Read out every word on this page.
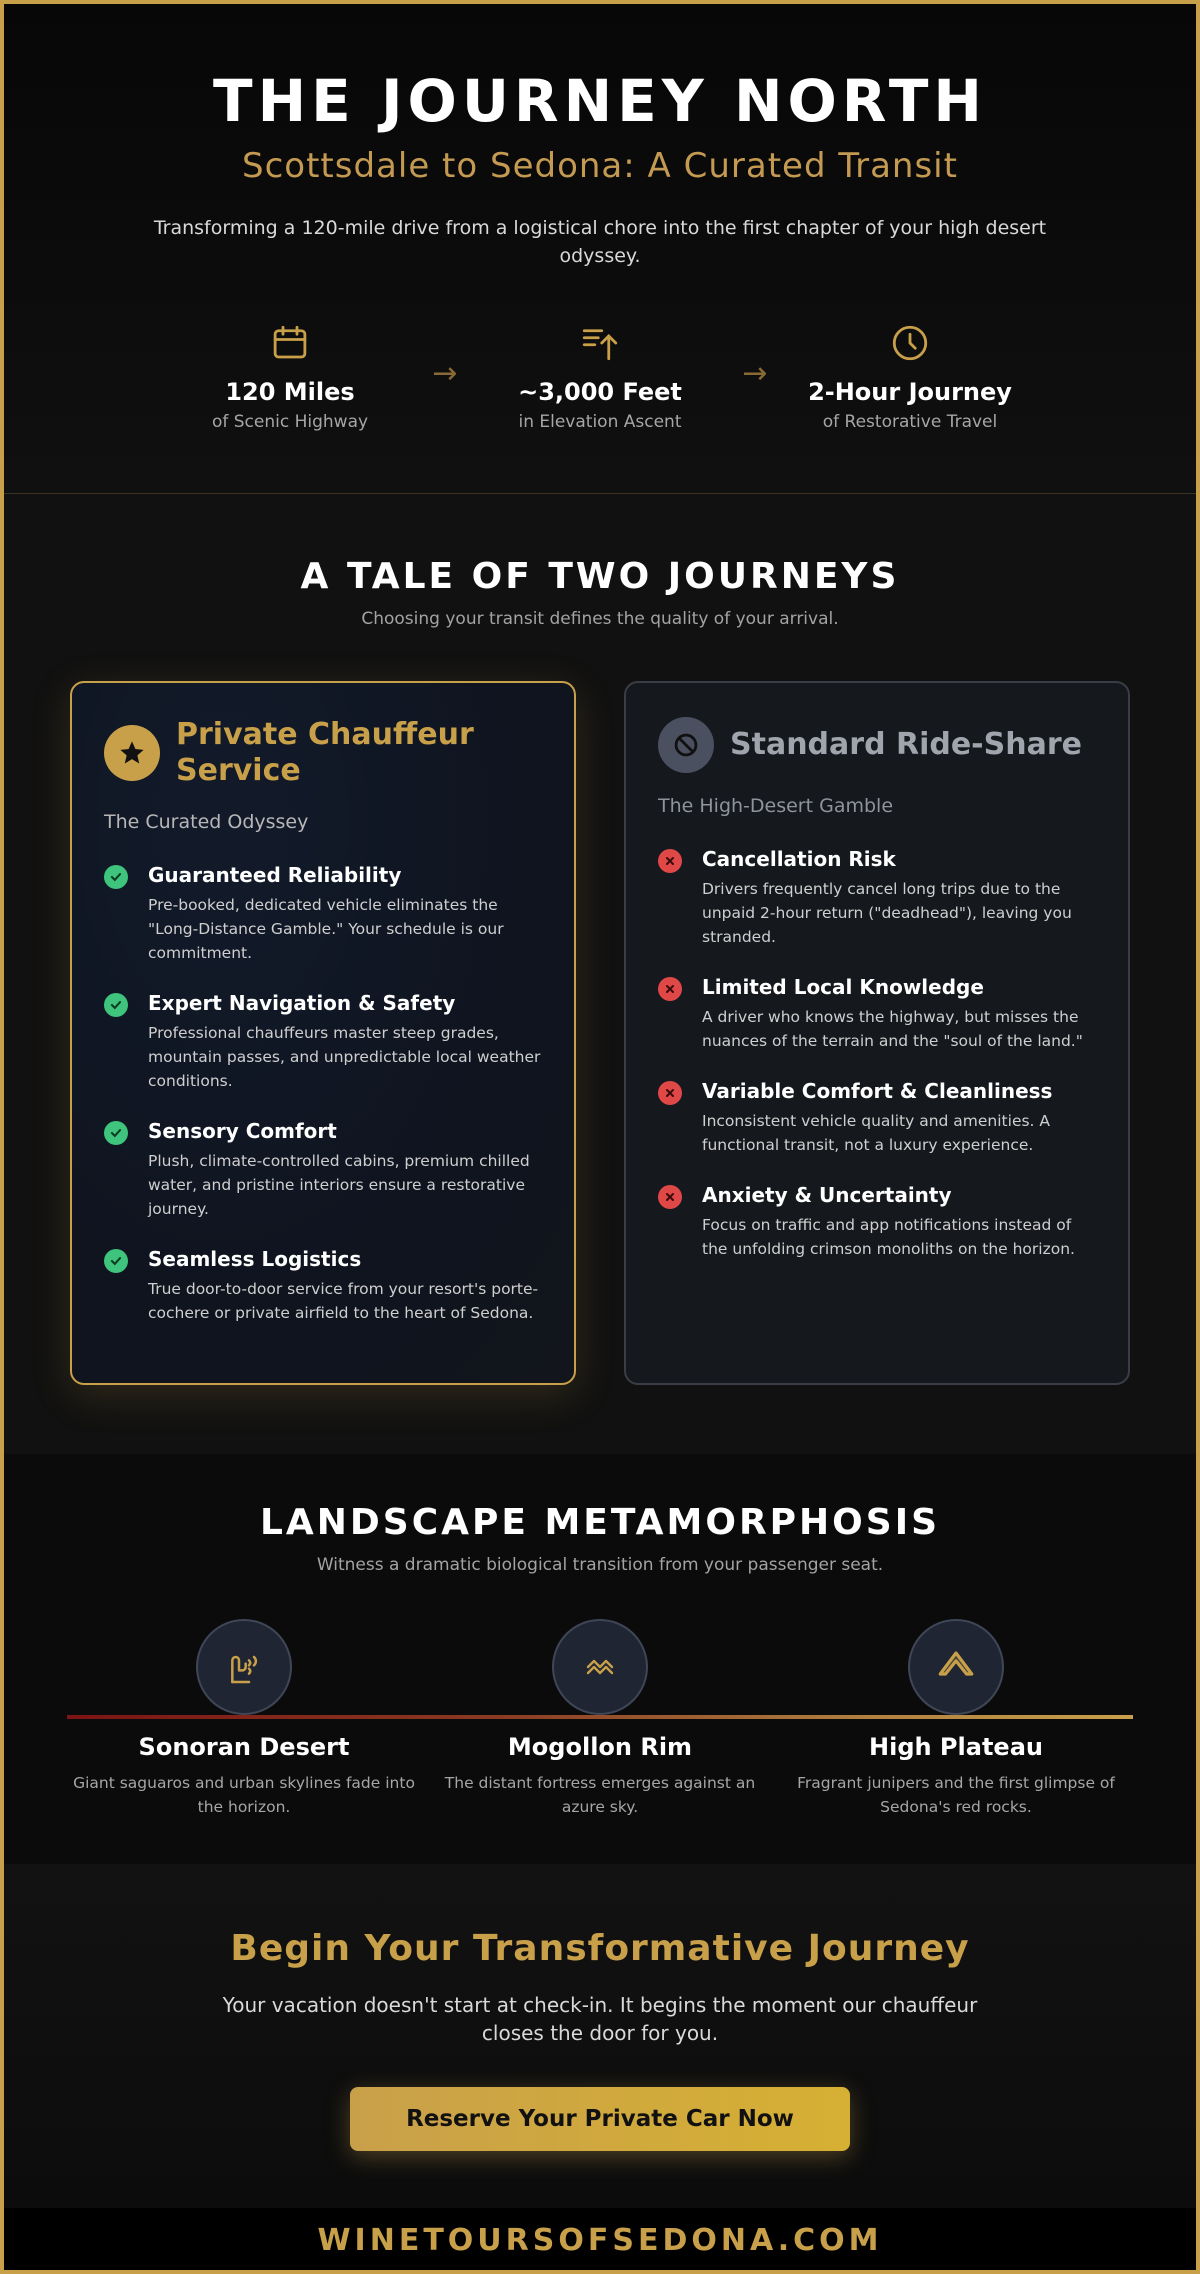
THE JOURNEY NORTH
Scottsdale to Sedona: A Curated Transit

Transforming a 120-mile drive from a logistical chore into the first chapter of your high desert odyssey.

120 Miles
of Scenic Highway
→
~3,000 Feet
in Elevation Ascent
→
2-Hour Journey
of Restorative Travel
A TALE OF TWO JOURNEYS

Choosing your transit defines the quality of your arrival.

Private Chauffeur Service
The Curated Odyssey
Guaranteed Reliability
Pre-booked, dedicated vehicle eliminates the "Long-Distance Gamble." Your schedule is our commitment.
Expert Navigation & Safety
Professional chauffeurs master steep grades, mountain passes, and unpredictable local weather conditions.
Sensory Comfort
Plush, climate-controlled cabins, premium chilled water, and pristine interiors ensure a restorative journey.
Seamless Logistics
True door-to-door service from your resort's porte-cochere or private airfield to the heart of Sedona.
Standard Ride-Share
The High-Desert Gamble
Cancellation Risk
Drivers frequently cancel long trips due to the unpaid 2-hour return ("deadhead"), leaving you stranded.
Limited Local Knowledge
A driver who knows the highway, but misses the nuances of the terrain and the "soul of the land."
Variable Comfort & Cleanliness
Inconsistent vehicle quality and amenities. A functional transit, not a luxury experience.
Anxiety & Uncertainty
Focus on traffic and app notifications instead of the unfolding crimson monoliths on the horizon.
LANDSCAPE METAMORPHOSIS

Witness a dramatic biological transition from your passenger seat.

Sonoran Desert
Giant saguaros and urban skylines fade into the horizon.
Mogollon Rim
The distant fortress emerges against an azure sky.
High Plateau
Fragrant junipers and the first glimpse of Sedona's red rocks.
Begin Your Transformative Journey

Your vacation doesn't start at check-in. It begins the moment our chauffeur closes the door for you.

Reserve Your Private Car Now
WINETOURSOFSEDONA.COM
